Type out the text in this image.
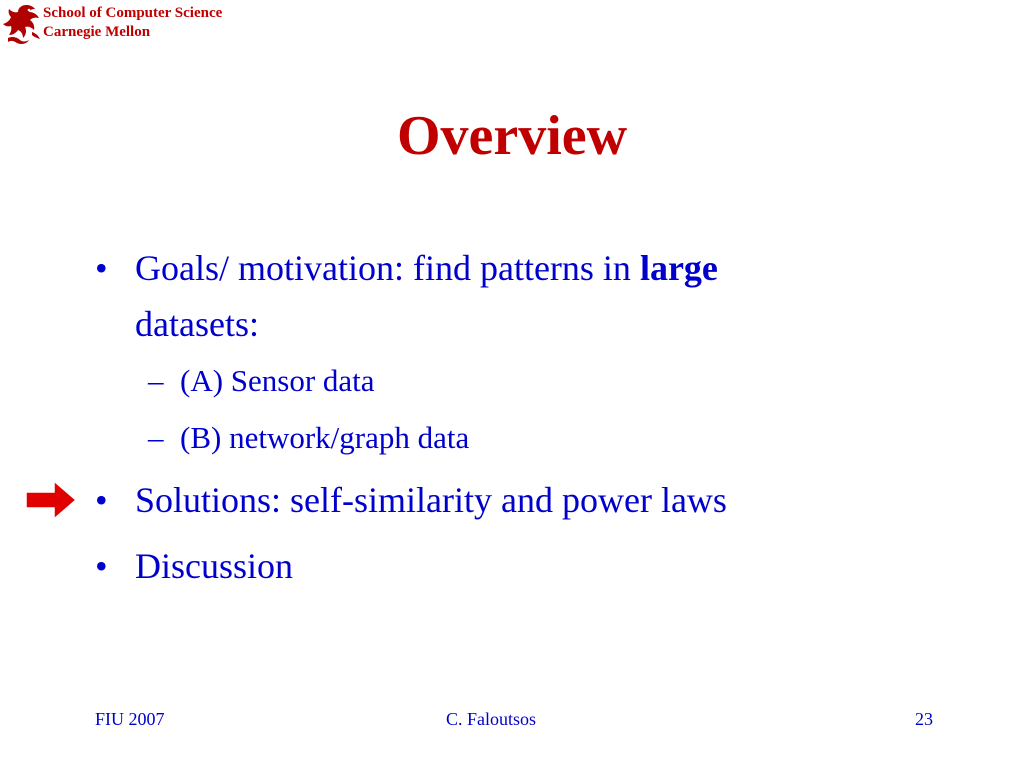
School of Computer Science
Carnegie Mellon
Overview
• Goals/ motivation: find patterns in large
datasets:
– (A) Sensor data
– (B) network/graph data
• Solutions: self-similarity and power laws
• Discussion
FIU 2007	C. Faloutsos	23
